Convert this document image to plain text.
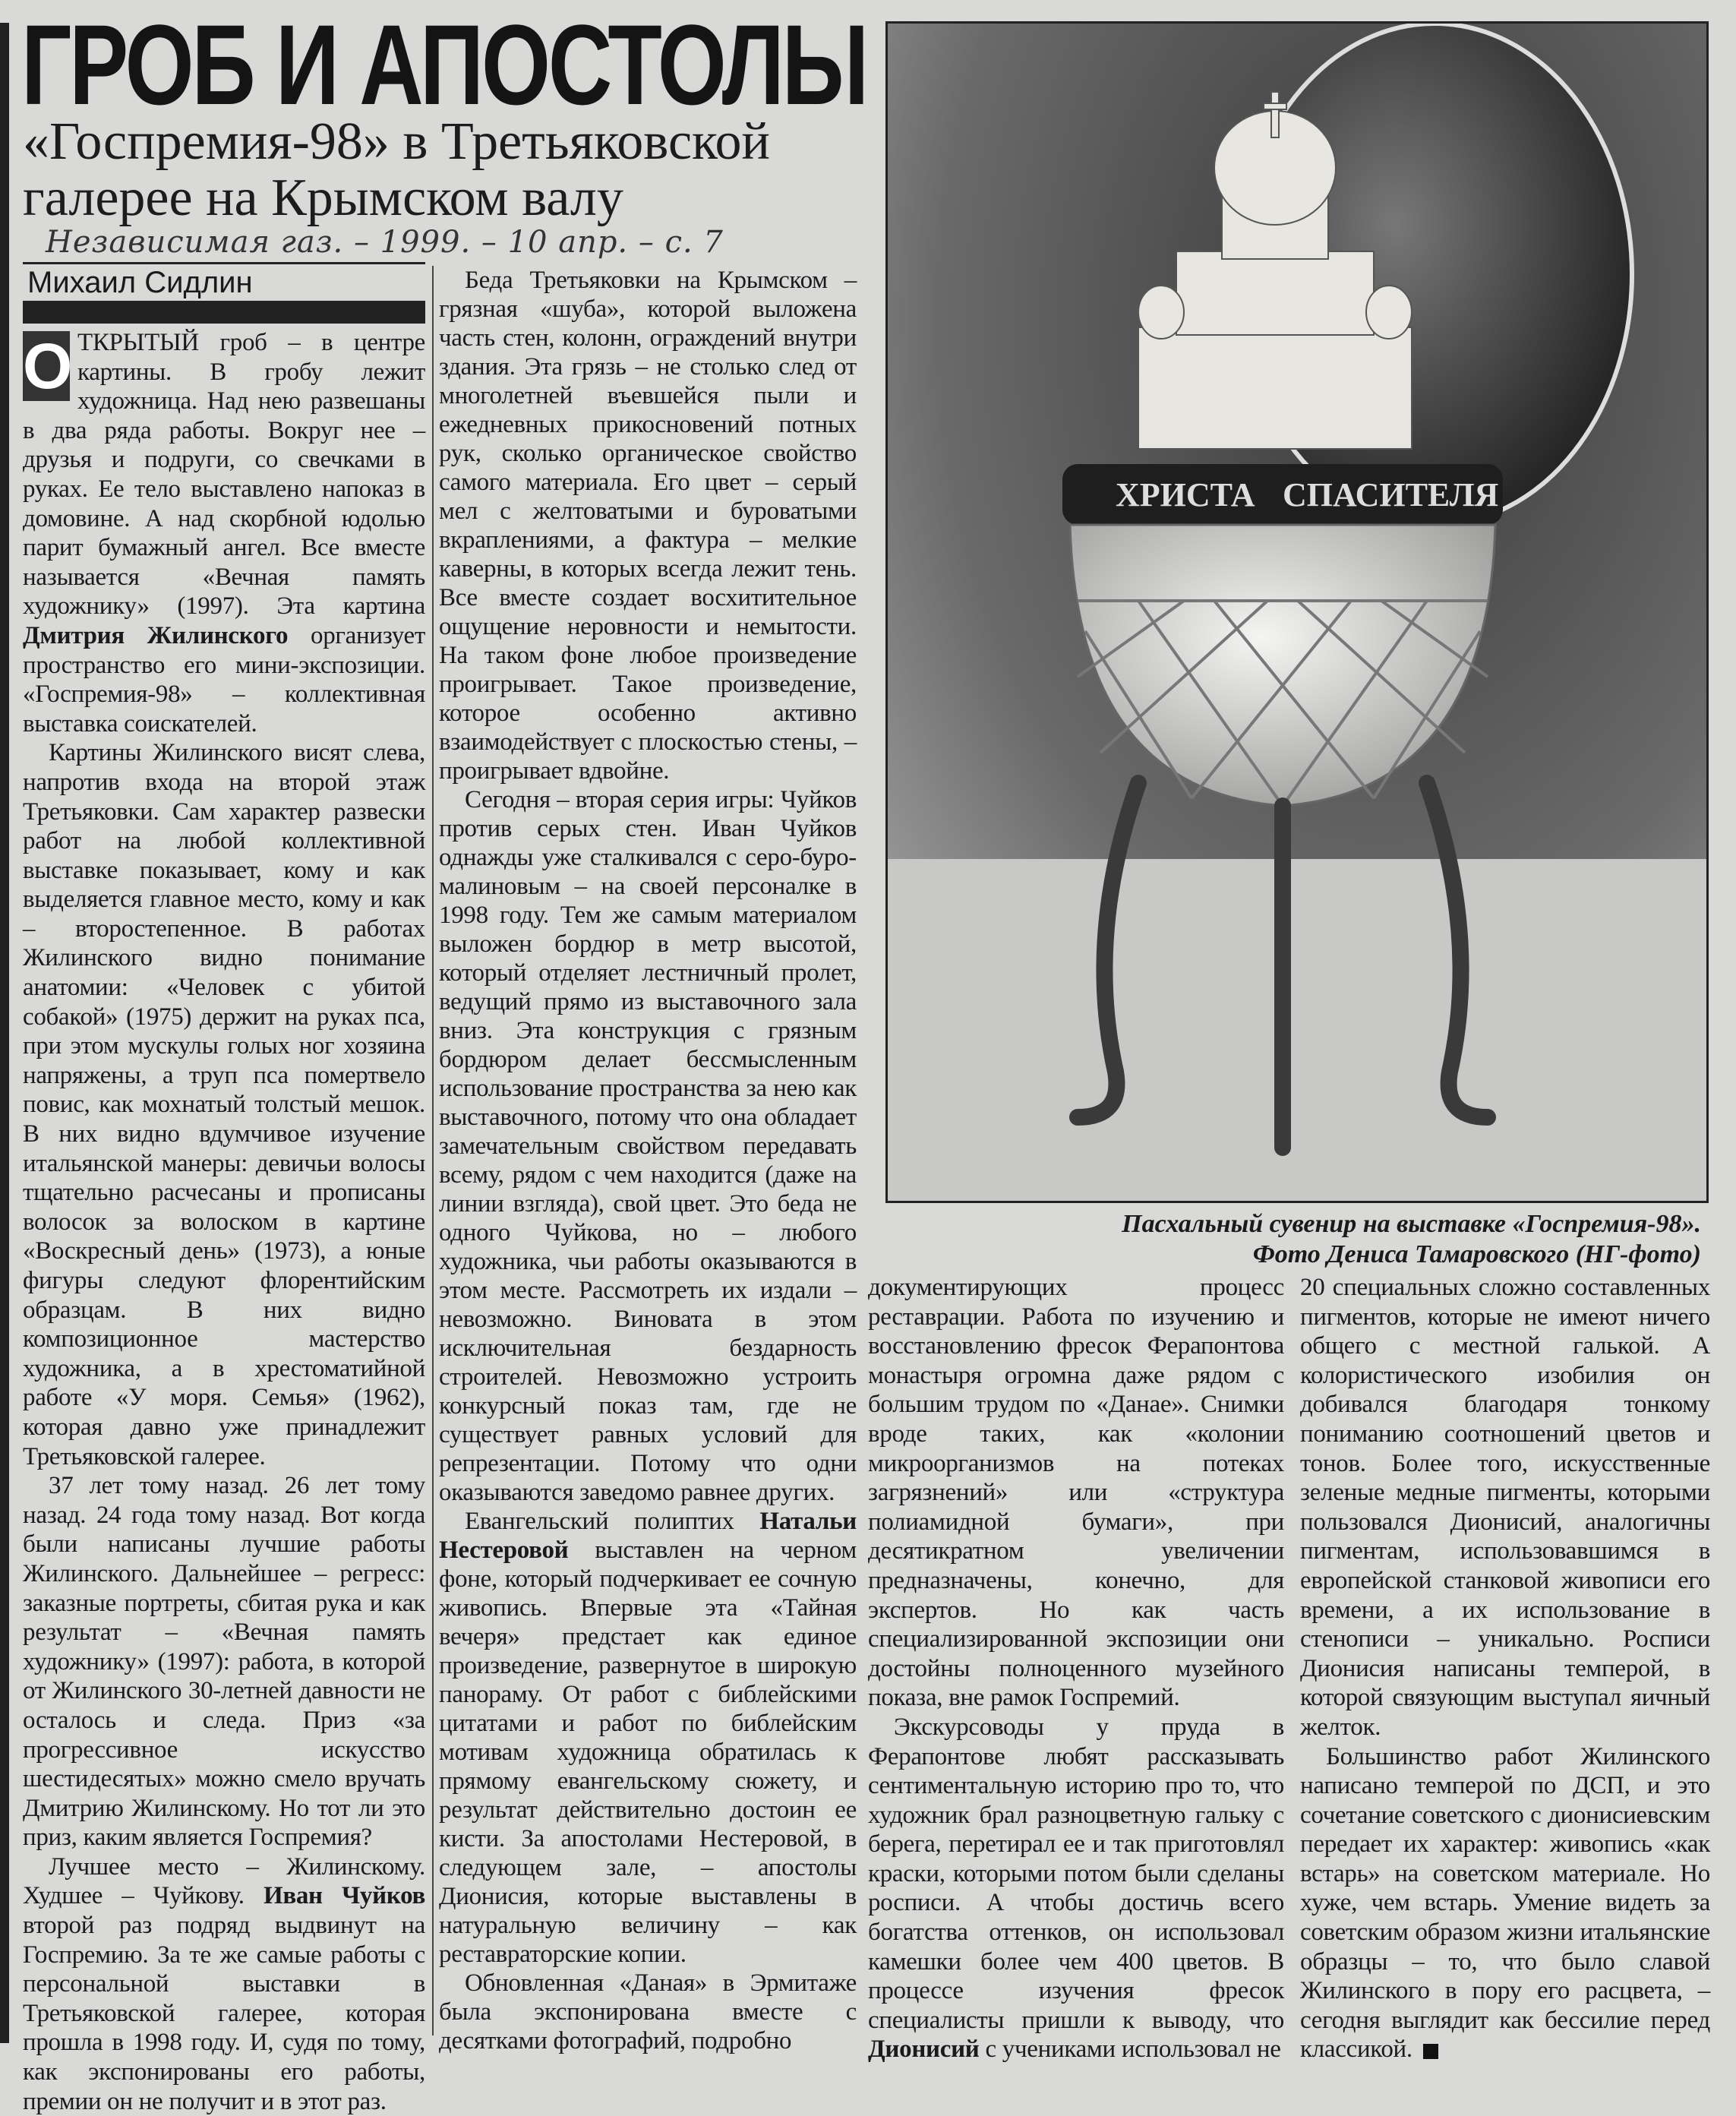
ГРОБ И АПОСТОЛЫ
«Госпремия-98» в Третьяковской галерее на Крымском валу
Независимая газ. – 1999. – 10 апр. – с. 7
Михаил Сидлин

О ТКРЫТЫЙ гроб – в центре картины. В гробу лежит художница. Над нею развешаны в два ряда работы. Вокруг нее – друзья и подруги, со свечками в руках. Ее тело выставлено напоказ в домовине. А над скорбной юдолью парит бумажный ангел. Все вместе называется «Вечная память художнику» (1997). Эта картина Дмитрия Жилинского организует пространство его мини-экспозиции. «Госпремия-98» – коллективная выставка соискателей.

Картины Жилинского висят слева, напротив входа на второй этаж Третьяковки. Сам характер развески работ на любой коллективной выставке показывает, кому и как выделяется главное место, кому и как – второстепенное. В работах Жилинского видно понимание анатомии: «Человек с убитой собакой» (1975) держит на руках пса, при этом мускулы голых ног хозяина напряжены, а труп пса помертвело повис, как мохнатый толстый мешок. В них видно вдумчивое изучение итальянской манеры: девичьи волосы тщательно расчесаны и прописаны волосок за волоском в картине «Воскресный день» (1973), а юные фигуры следуют флорентийским образцам. В них видно композиционное мастерство художника, а в хрестоматийной работе «У моря. Семья» (1962), которая давно уже принадлежит Третьяковской галерее.

37 лет тому назад. 26 лет тому назад. 24 года тому назад. Вот когда были написаны лучшие работы Жилинского. Дальнейшее – регресс: заказные портреты, сбитая рука и как результат – «Вечная память художнику» (1997): работа, в которой от Жилинского 30-летней давности не осталось и следа. Приз «за прогрессивное искусство шестидесятых» можно смело вручать Дмитрию Жилинскому. Но тот ли это приз, каким является Госпремия?

Лучшее место – Жилинскому. Худшее – Чуйкову. Иван Чуйков второй раз подряд выдвинут на Госпремию. За те же самые работы с персональной выставки в Третьяковской галерее, которая прошла в 1998 году. И, судя по тому, как экспонированы его работы, премии он не получит и в этот раз.

Беда Третьяковки на Крымском – грязная «шуба», которой выложена часть стен, колонн, ограждений внутри здания. Эта грязь – не столько след от многолетней въевшейся пыли и ежедневных прикосновений потных рук, сколько органическое свойство самого материала. Его цвет – серый мел с желтоватыми и буроватыми вкраплениями, а фактура – мелкие каверны, в которых всегда лежит тень. Все вместе создает восхитительное ощущение неровности и немытости. На таком фоне любое произведение проигрывает. Такое произведение, которое особенно активно взаимодействует с плоскостью стены, – проигрывает вдвойне.

Сегодня – вторая серия игры: Чуйков против серых стен. Иван Чуйков однажды уже сталкивался с серо-буро-малиновым – на своей персоналке в 1998 году. Тем же самым материалом выложен бордюр в метр высотой, который отделяет лестничный пролет, ведущий прямо из выставочного зала вниз. Эта конструкция с грязным бордюром делает бессмысленным использование пространства за нею как выставочного, потому что она обладает замечательным свойством передавать всему, рядом с чем находится (даже на линии взгляда), свой цвет. Это беда не одного Чуйкова, но – любого художника, чьи работы оказываются в этом месте. Рассмотреть их издали – невозможно. Виновата в этом исключительная бездарность строителей. Невозможно устроить конкурсный показ там, где не существует равных условий для репрезентации. Потому что одни оказываются заведомо равнее других.

Евангельский полиптих Натальи Нестеровой выставлен на черном фоне, который подчеркивает ее сочную живопись. Впервые эта «Тайная вечеря» предстает как единое произведение, развернутое в широкую панораму. От работ с библейскими цитатами и работ по библейским мотивам художница обратилась к прямому евангельскому сюжету, и результат действительно достоин ее кисти. За апостолами Нестеровой, в следующем зале, – апостолы Дионисия, которые выставлены в натуральную величину – как реставраторские копии.

Обновленная «Даная» в Эрмитаже была экспонирована вместе с десятками фотографий, подробно

документирующих процесс реставрации. Работа по изучению и восстановлению фресок Ферапонтова монастыря огромна даже рядом с большим трудом по «Данае». Снимки вроде таких, как «колонии микроорганизмов на потеках загрязнений» или «структура полиамидной бумаги», при десятикратном увеличении предназначены, конечно, для экспертов. Но как часть специализированной экспозиции они достойны полноценного музейного показа, вне рамок Госпремий.

Экскурсоводы у пруда в Ферапонтове любят рассказывать сентиментальную историю про то, что художник брал разноцветную гальку с берега, перетирал ее и так приготовлял краски, которыми потом были сделаны росписи. А чтобы достичь всего богатства оттенков, он использовал камешки более чем 400 цветов. В процессе изучения фресок специалисты пришли к выводу, что Дионисий с учениками использовал не

20 специальных сложно составленных пигментов, которые не имеют ничего общего с местной галькой. А колористического изобилия он добивался благодаря тонкому пониманию соотношений цветов и тонов. Более того, искусственные зеленые медные пигменты, которыми пользовался Дионисий, аналогичны пигментам, использовавшимся в европейской станковой живописи его времени, а их использование в стенописи – уникально. Росписи Дионисия написаны темперой, в которой связующим выступал яичный желток.

Большинство работ Жилинского написано темперой по ДСП, и это сочетание советского с дионисиевским передает их характер: живопись «как встарь» на советском материале. Но хуже, чем встарь. Умение видеть за советским образом жизни итальянские образцы – то, что было славой Жилинского в пору его расцвета, – сегодня выглядит как бессилие перед классикой.

ХРИСТА СПАСИТЕЛЯ
Пасхальный сувенир на выставке «Госпремия-98».
Фото Дениса Тамаровского (НГ-фото)
